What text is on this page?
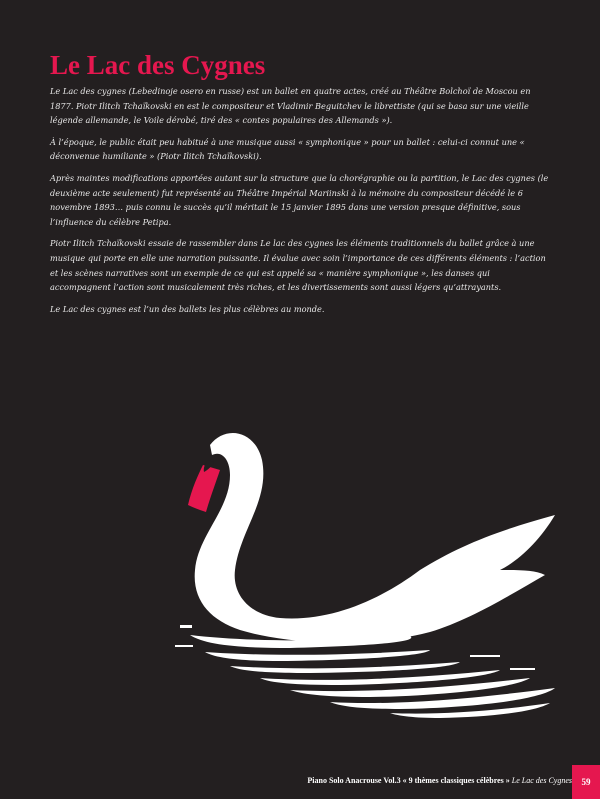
Le Lac des Cygnes

Le Lac des cygnes (Lebedinoje osero en russe) est un ballet en quatre actes, créé au Théâtre Bolchoï de Moscou en 1877. Piotr Ilitch Tchaïkovski en est le compositeur et Vladimir Beguitchev le librettiste (qui se basa sur une vieille légende allemande, le Voile dérobé, tiré des « contes populaires des Allemands »).

À l’époque, le public était peu habitué à une musique aussi « symphonique » pour un ballet : celui-ci connut une « déconvenue humiliante » (Piotr Ilitch Tchaïkovski).

Après maintes modifications apportées autant sur la structure que la chorégraphie ou la partition, le Lac des cygnes (le deuxième acte seulement) fut représenté au Théâtre Impérial Mariinski à la mémoire du compositeur décédé le 6 novembre 1893… puis connu le succès qu’il méritait le 15 janvier 1895 dans une version presque définitive, sous l’influence du célèbre Petipa.

Piotr Ilitch Tchaïkovski essaie de rassembler dans Le lac des cygnes les éléments traditionnels du ballet grâce à une musique qui porte en elle une narration puissante. Il évalue avec soin l’importance de ces différents éléments : l’action et les scènes narratives sont un exemple de ce qui est appelé sa « manière symphonique », les danses qui accompagnent l’action sont musicalement très riches, et les divertissements sont aussi légers qu’attrayants.

Le Lac des cygnes est l’un des ballets les plus célèbres au monde.

Piano Solo Anacrouse Vol.3 « 9 thèmes classiques célèbres » Le Lac des Cygnes	59
